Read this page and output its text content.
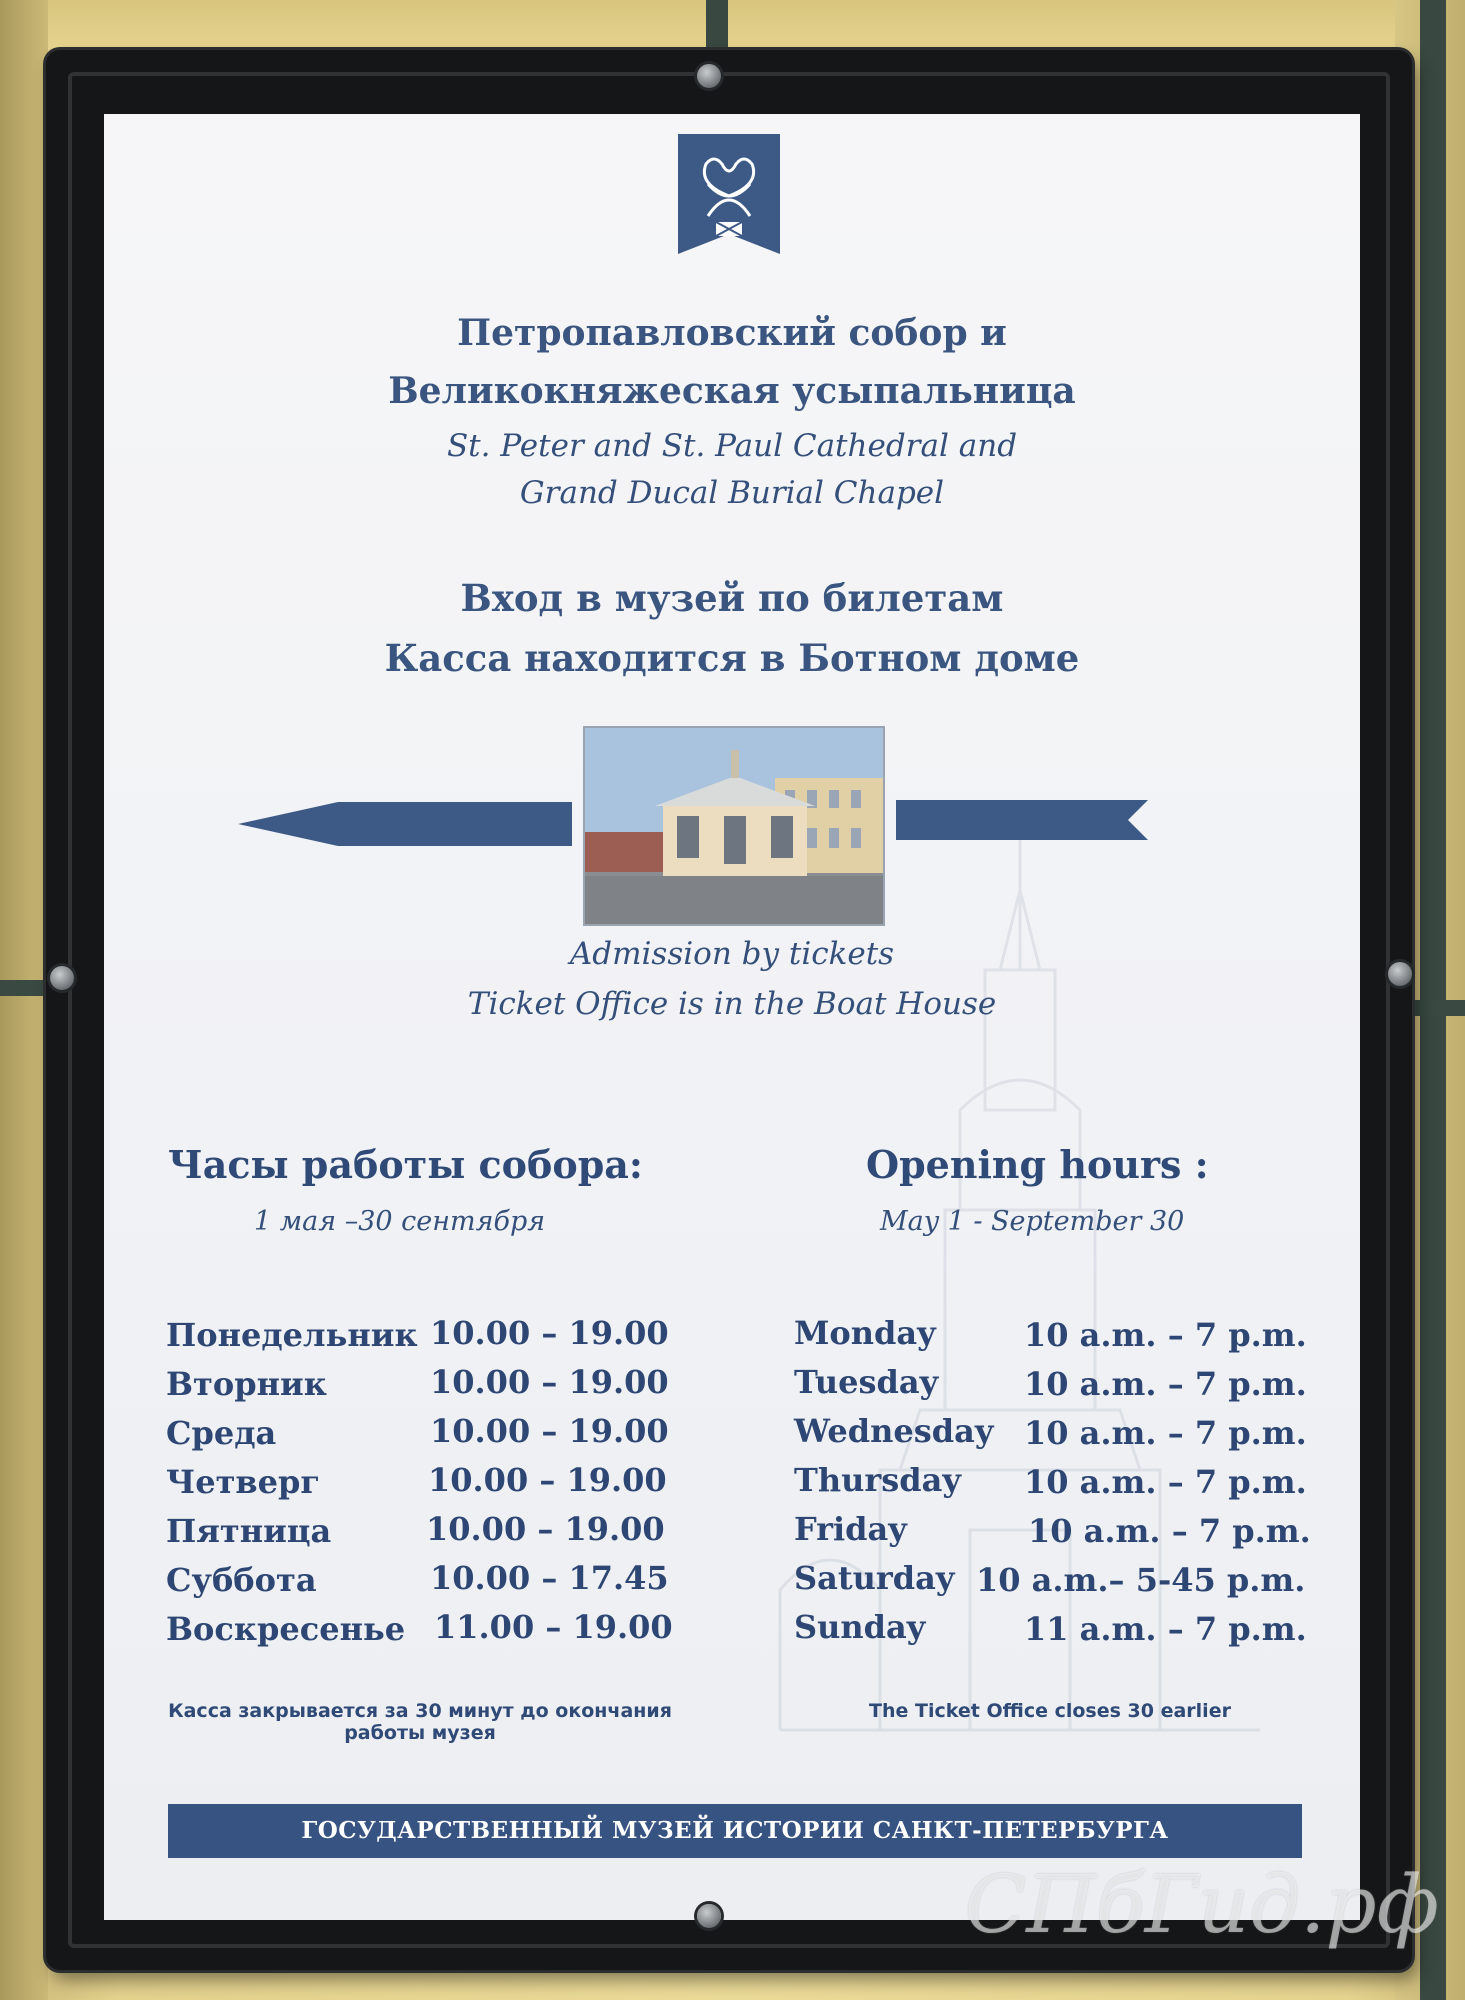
Петропавловский собор и
Великокняжеская усыпальница
St. Peter and St. Paul Cathedral and
Grand Ducal Burial Chapel
Вход в музей по билетам
Касса находится в Ботном доме
Admission by tickets
Ticket Office is in the Boat House
Часы работы собора:
1 мая –30 сентября
Понедельник 10.00 – 19.00
Вторник	10.00 – 19.00
Среда	10.00 – 19.00
Четверг	10.00 – 19.00
Пятница	10.00 – 19.00
Суббота	10.00 – 17.45
Воскресенье 11.00 – 19.00
Касса закрывается за 30 минут до окончания
работы музея
Opening hours :
May 1 - September 30
Monday	10 a.m. – 7 p.m.
Tuesday	10 a.m. – 7 p.m.
Wednesday 10 a.m. – 7 p.m.
Thursday 10 a.m. – 7 p.m.
Friday	10 a.m. – 7 p.m.
Saturday 10 a.m.– 5-45 p.m.
Sunday	11 a.m. – 7 p.m.
The Ticket Office closes 30 earlier
ГОСУДАРСТВЕННЫЙ МУЗЕЙ ИСТОРИИ САНКТ-ПЕТЕРБУРГА
СПбГид.рф
